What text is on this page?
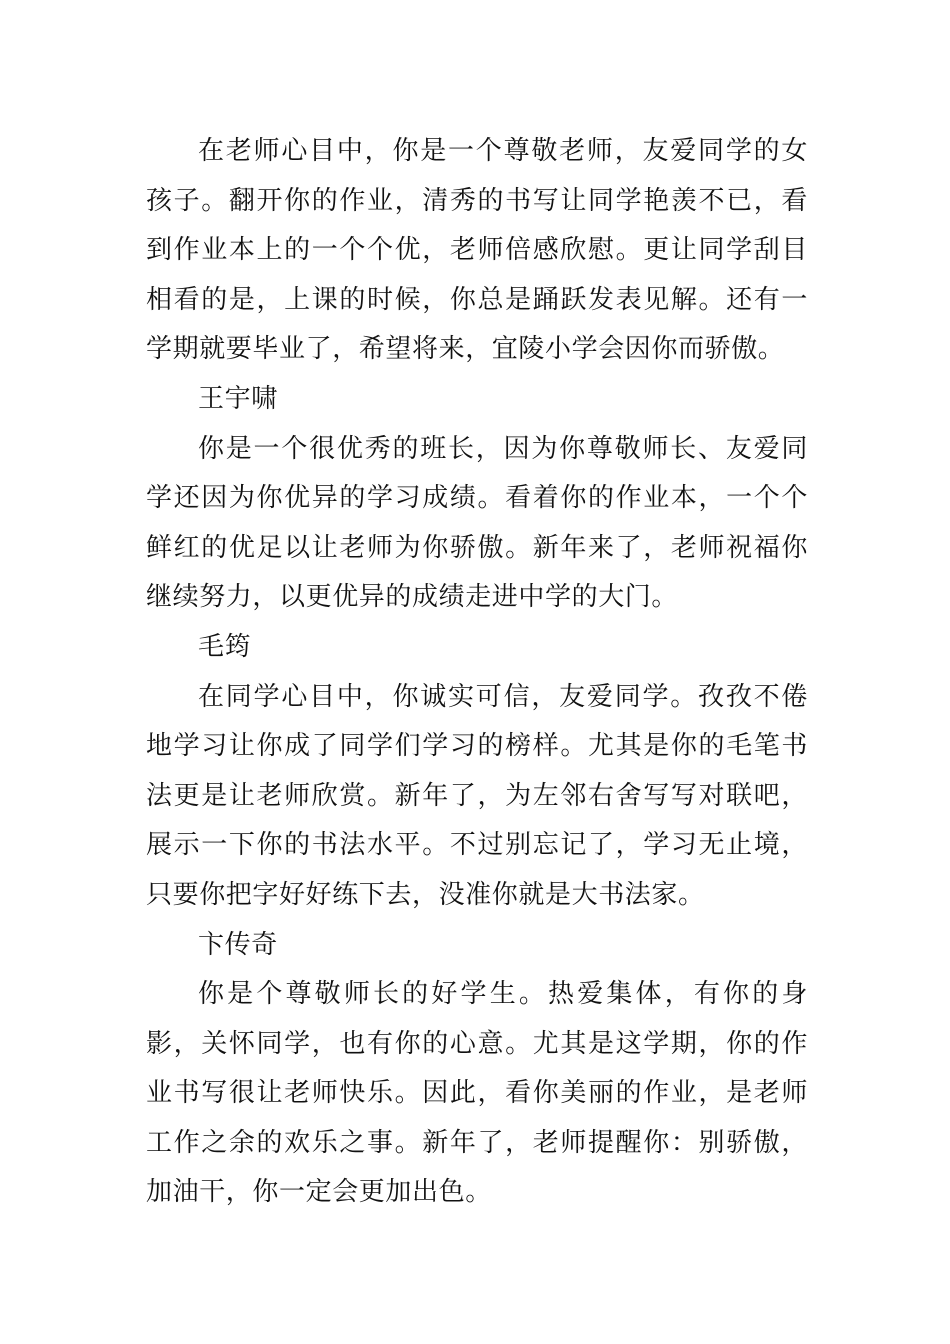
在老师心目中，你是一个尊敬老师，友爱同学的女孩子。翻开你的作业，清秀的书写让同学艳羡不已，看到作业本上的一个个优，老师倍感欣慰。更让同学刮目相看的是，上课的时候，你总是踊跃发表见解。还有一学期就要毕业了，希望将来，宜陵小学会因你而骄傲。

王宇啸

你是一个很优秀的班长，因为你尊敬师长、友爱同学还因为你优异的学习成绩。看着你的作业本，一个个鲜红的优足以让老师为你骄傲。新年来了，老师祝福你继续努力，以更优异的成绩走进中学的大门。

毛筠

在同学心目中，你诚实可信，友爱同学。孜孜不倦地学习让你成了同学们学习的榜样。尤其是你的毛笔书法更是让老师欣赏。新年了，为左邻右舍写写对联吧，展示一下你的书法水平。不过别忘记了，学习无止境，只要你把字好好练下去，没准你就是大书法家。

卞传奇

你是个尊敬师长的好学生。热爱集体，有你的身影，关怀同学，也有你的心意。尤其是这学期，你的作业书写很让老师快乐。因此，看你美丽的作业，是老师工作之余的欢乐之事。新年了，老师提醒你：别骄傲，加油干，你一定会更加出色。
